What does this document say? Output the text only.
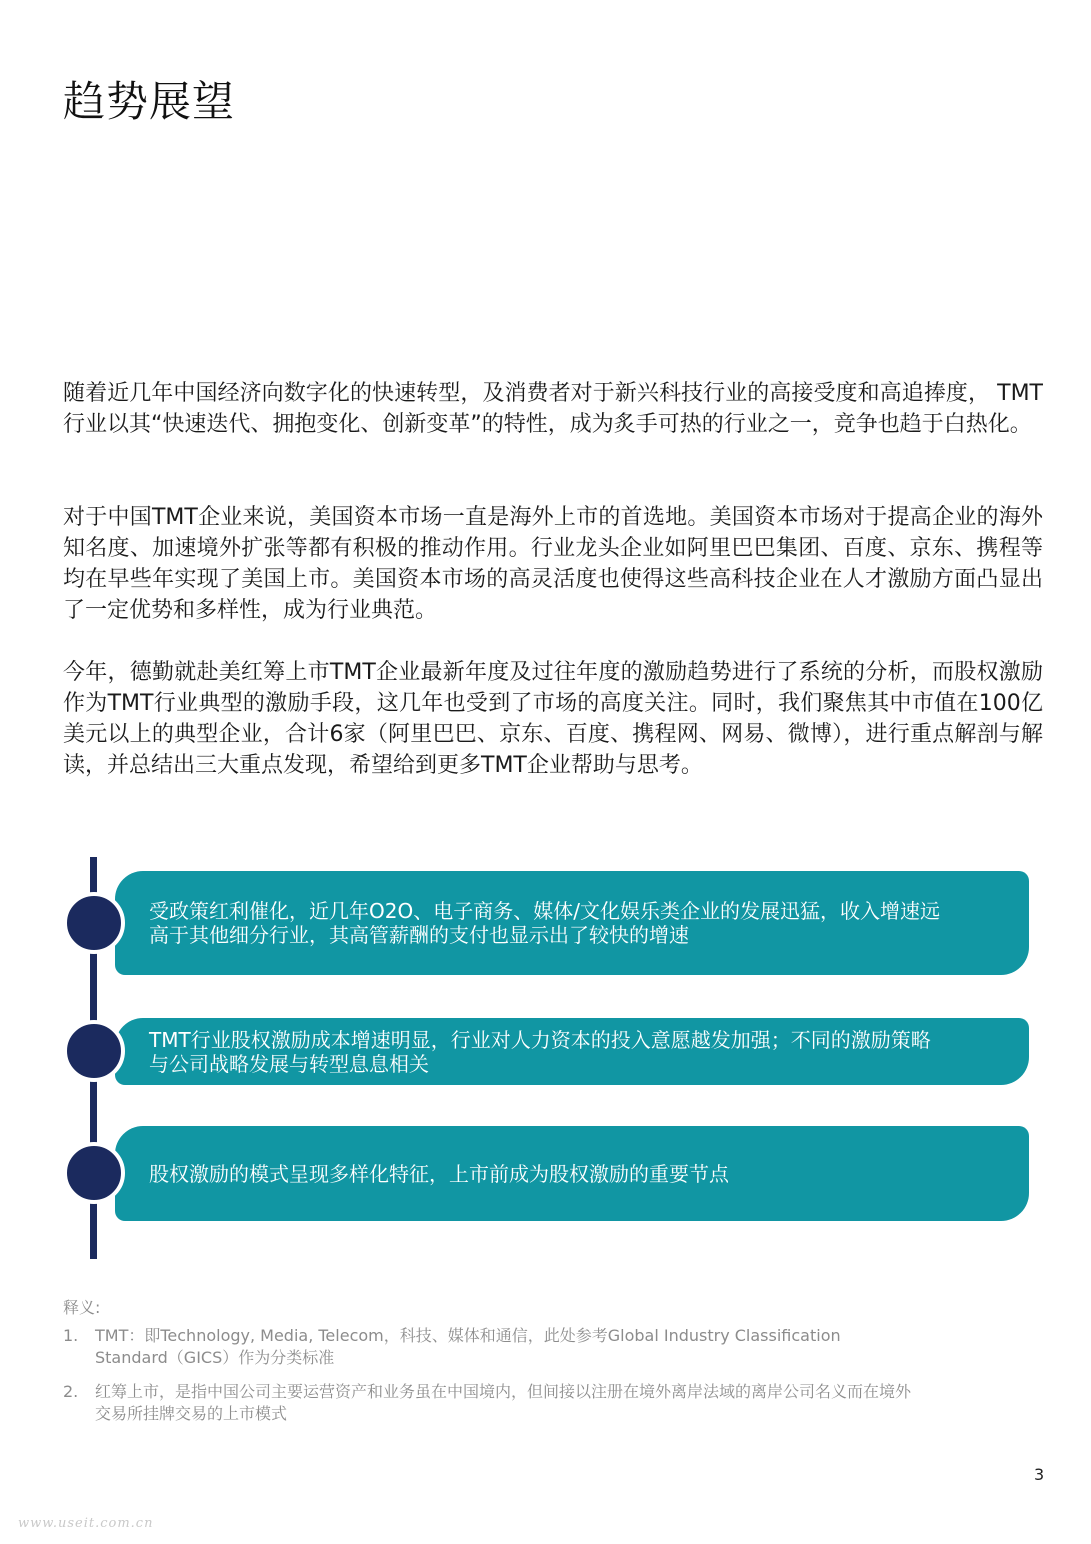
趋势展望

随着近几年中国经济向数字化的快速转型，及消费者对于新兴科技行业的高接受度和高追捧度， TMT行业以其“快速迭代、拥抱变化、创新变革”的特性，成为炙手可热的行业之一，竞争也趋于白热化。

对于中国TMT企业来说，美国资本市场一直是海外上市的首选地。美国资本市场对于提高企业的海外知名度、加速境外扩张等都有积极的推动作用。行业龙头企业如阿里巴巴集团、百度、京东、携程等均在早些年实现了美国上市。美国资本市场的高灵活度也使得这些高科技企业在人才激励方面凸显出了一定优势和多样性，成为行业典范。

今年，德勤就赴美红筹上市TMT企业最新年度及过往年度的激励趋势进行了系统的分析，而股权激励作为TMT行业典型的激励手段，这几年也受到了市场的高度关注。同时，我们聚焦其中市值在100亿美元以上的典型企业，合计6家（阿里巴巴、京东、百度、携程网、网易、微博），进行重点解剖与解读，并总结出三大重点发现，希望给到更多TMT企业帮助与思考。

受政策红利催化，近几年O2O、电子商务、媒体/文化娱乐类企业的发展迅猛，收入增速远
高于其他细分行业，其高管薪酬的支付也显示出了较快的增速
TMT行业股权激励成本增速明显，行业对人力资本的投入意愿越发加强；不同的激励策略
与公司战略发展与转型息息相关
股权激励的模式呈现多样化特征，上市前成为股权激励的重要节点

释义:

1.	TMT：即Technology, Media, Telecom，科技、媒体和通信，此处参考Global Industry Classification
Standard（GICS）作为分类标准
2.	红筹上市，是指中国公司主要运营资产和业务虽在中国境内，但间接以注册在境外离岸法域的离岸公司名义而在境外
交易所挂牌交易的上市模式
3
www.useit.com.cn
